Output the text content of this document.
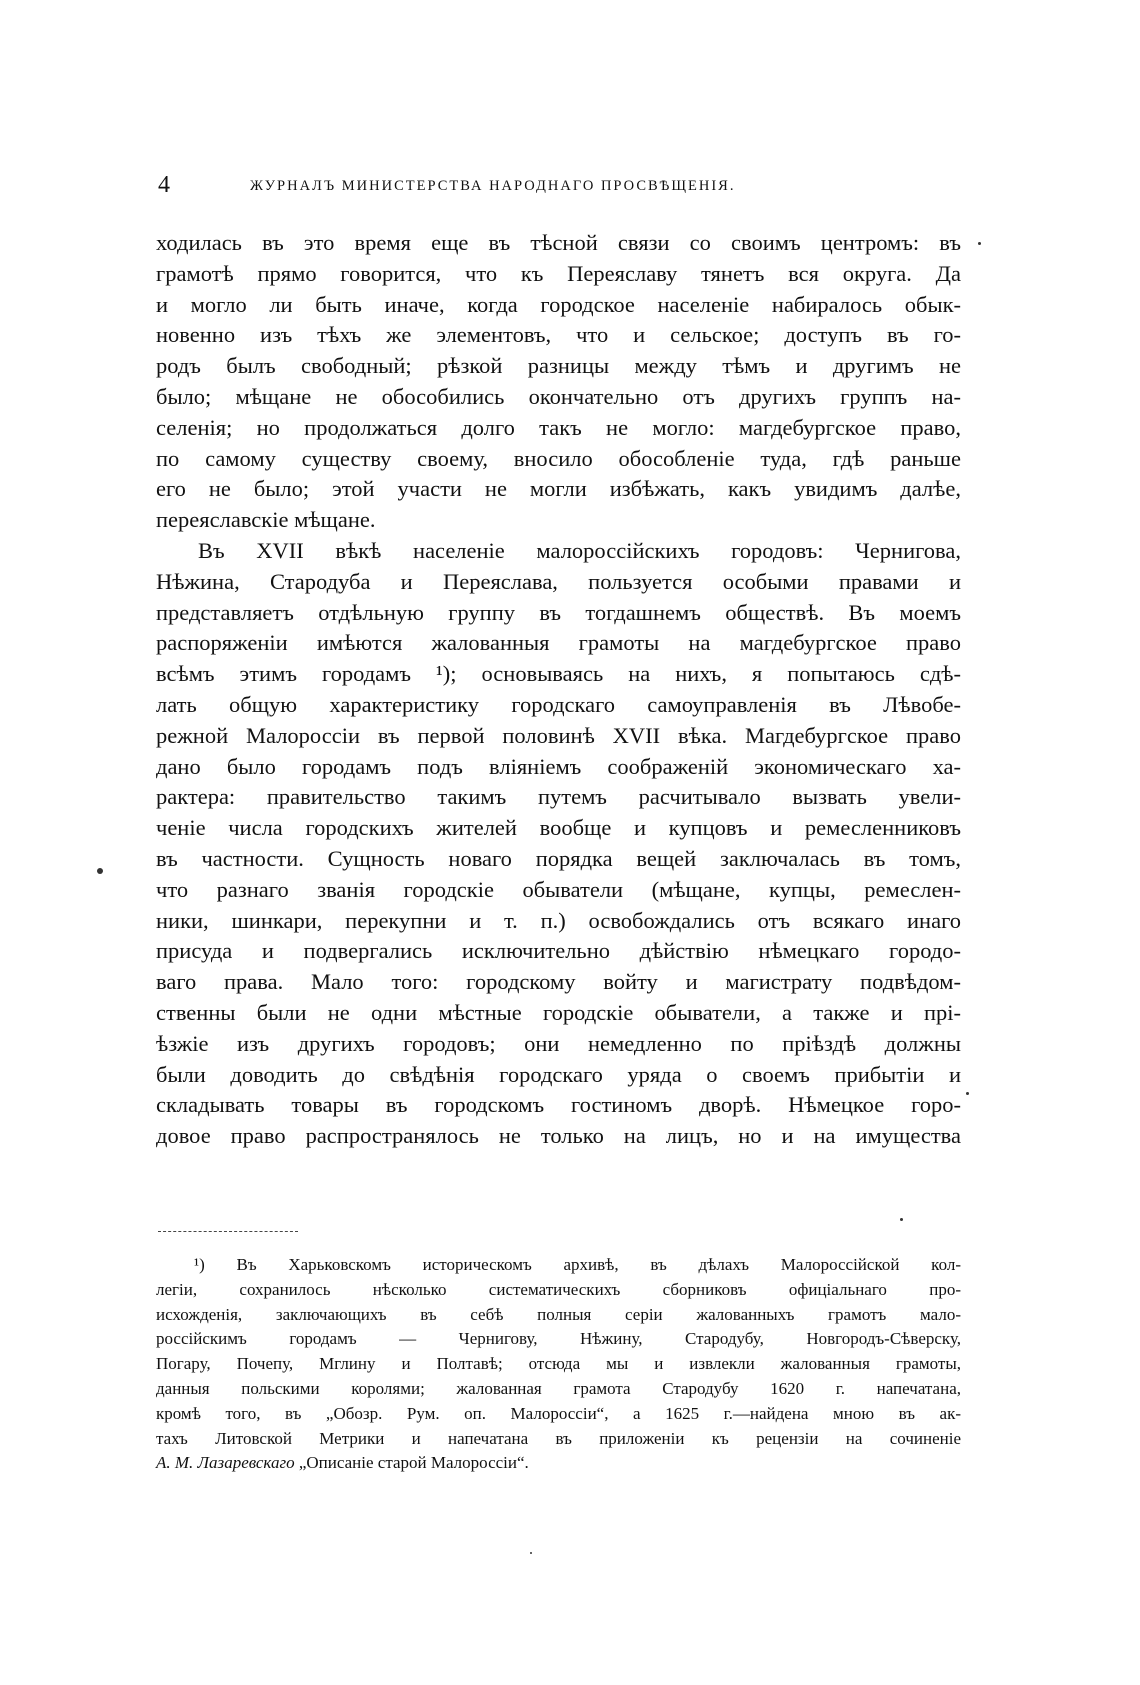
4	ЖУРНАЛЪ МИНИСТЕРСТВА НАРОДНАГО ПРОСВѢЩЕНІЯ.
ходилась въ это время еще въ тѣсной связи со своимъ центромъ: въ
грамотѣ прямо говорится, что къ Переяславу тянетъ вся округа. Да
и могло ли быть иначе, когда городское населеніе набиралось обык-
новенно изъ тѣхъ же элементовъ, что и сельское; доступъ въ го-
родъ былъ свободный; рѣзкой разницы между тѣмъ и другимъ не
было; мѣщане не обособились окончательно отъ другихъ группъ на-
селенія; но продолжаться долго такъ не могло: магдебургское право,
по самому существу своему, вносило обособленіе туда, гдѣ раньше
его не было; этой участи не могли избѣжать, какъ увидимъ далѣе,
переяславскіе мѣщане.
Въ XVII вѣкѣ населеніе малороссійскихъ городовъ: Чернигова,
Нѣжина, Стародуба и Переяслава, пользуется особыми правами и
представляетъ отдѣльную группу въ тогдашнемъ обществѣ. Въ моемъ
распоряженіи имѣются жалованныя грамоты на магдебургское право
всѣмъ этимъ городамъ ¹); основываясь на нихъ, я попытаюсь сдѣ-
лать общую характеристику городскаго самоуправленія въ Лѣвобе-
режной Малороссіи въ первой половинѣ XVII вѣка. Магдебургское право
дано было городамъ подъ вліяніемъ соображеній экономическаго ха-
рактера: правительство такимъ путемъ расчитывало вызвать увели-
ченіе числа городскихъ жителей вообще и купцовъ и ремесленниковъ
въ частности. Сущность новаго порядка вещей заключалась въ томъ,
что разнаго званія городскіе обыватели (мѣщане, купцы, ремеслен-
ники, шинкари, перекупни и т. п.) освобождались отъ всякаго инаго
присуда и подвергались исключительно дѣйствію нѣмецкаго городо-
ваго права. Мало того: городскому войту и магистрату подвѣдом-
ственны были не одни мѣстные городскіе обыватели, а также и прі-
ѣзжіе изъ другихъ городовъ; они немедленно по пріѣздѣ должны
были доводить до свѣдѣнія городскаго уряда о своемъ прибытіи и
складывать товары въ городскомъ гостиномъ дворѣ. Нѣмецкое горо-
довое право распространялось не только на лицъ, но и на имущества
¹) Въ Харьковскомъ историческомъ архивѣ, въ дѣлахъ Малороссійской кол-
легіи, сохранилось нѣсколько систематическихъ сборниковъ офиціальнаго про-
исхожденія, заключающихъ въ себѣ полныя серіи жалованныхъ грамотъ мало-
россійскимъ городамъ — Чернигову, Нѣжину, Стародубу, Новгородъ-Сѣверску,
Погару, Почепу, Мглину и Полтавѣ; отсюда мы и извлекли жалованныя грамоты,
данныя польскими королями; жалованная грамота Стародубу 1620 г. напечатана,
кромѣ того, въ „Обозр. Рум. оп. Малороссіи“, а 1625 г.—найдена мною въ ак-
тахъ Литовской Метрики и напечатана въ приложеніи къ рецензіи на сочиненіе
А. М. Лазаревскаго „Описаніе старой Малороссіи“.
